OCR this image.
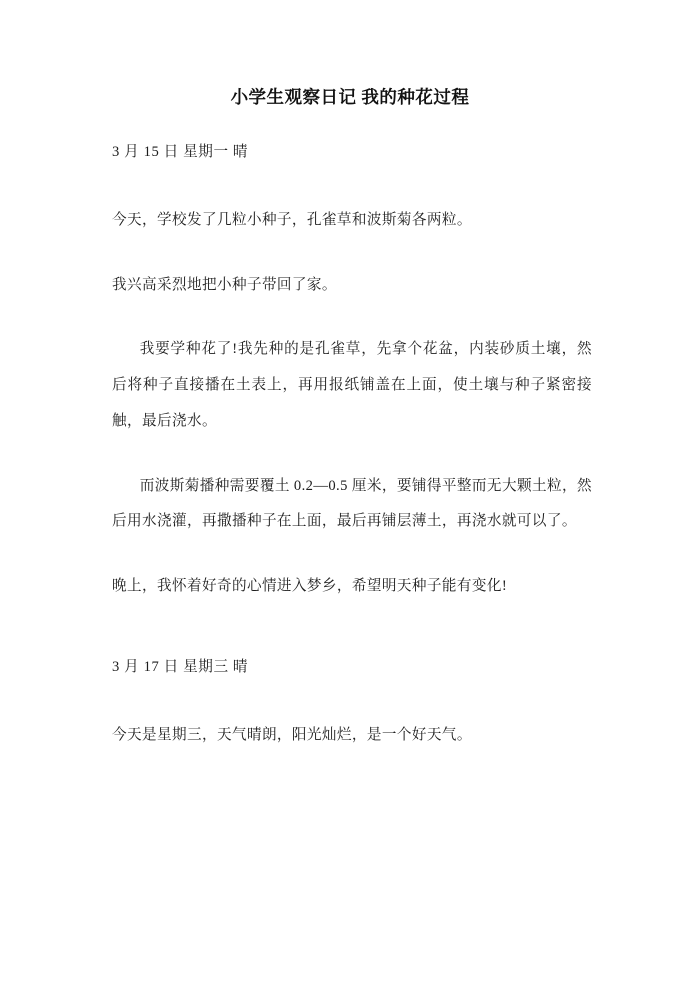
小学生观察日记 我的种花过程

3 月 15 日 星期一 晴

今天，学校发了几粒小种子，孔雀草和波斯菊各两粒。

我兴高采烈地把小种子带回了家。

我要学种花了!我先种的是孔雀草，先拿个花盆，内装砂质土壤，然后将种子直接播在土表上，再用报纸铺盖在上面，使土壤与种子紧密接触，最后浇水。

而波斯菊播种需要覆土 0.2—0.5 厘米，要铺得平整而无大颗土粒，然后用水浇灌，再撒播种子在上面，最后再铺层薄土，再浇水就可以了。

晚上，我怀着好奇的心情进入梦乡，希望明天种子能有变化!

3 月 17 日 星期三 晴

今天是星期三，天气晴朗，阳光灿烂，是一个好天气。
